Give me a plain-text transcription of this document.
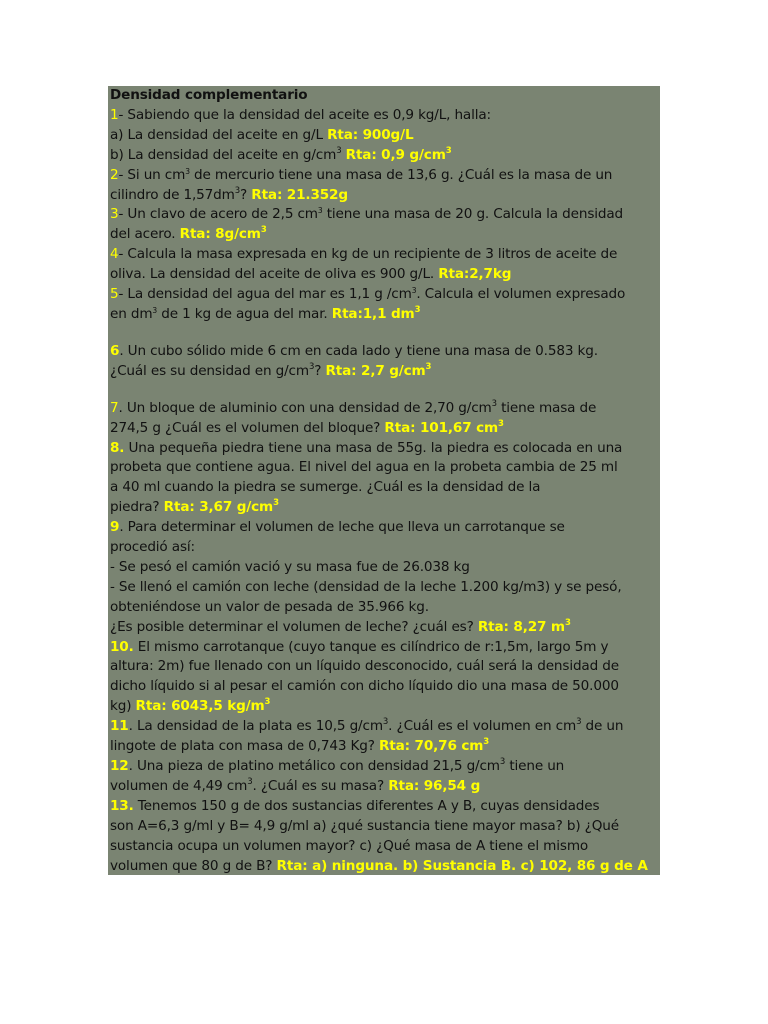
Densidad complementario
1- Sabiendo que la densidad del aceite es 0,9 kg/L, halla:
a) La densidad del aceite en g/L Rta: 900g/L
b) La densidad del aceite en $g/cm^3$ Rta: 0,9 $g/cm^3$
2- Si un $cm^3$ de mercurio tiene una masa de 13,6 g. ¿Cuál es la masa de un
cilindro de $1,57dm^3$? Rta: 21.352g
3- Un clavo de acero de 2,5 $cm^3$ tiene una masa de 20 g. Calcula la densidad
del acero. Rta: $8g/cm^3$
4- Calcula la masa expresada en kg de un recipiente de 3 litros de aceite de
oliva. La densidad del aceite de oliva es 900 g/L. Rta:2,7kg
5- La densidad del agua del mar es 1,1 g $/cm^3$. Calcula el volumen expresado
en $dm^3$ de 1 kg de agua del mar. Rta:1,1 $dm^3$
6. Un cubo sólido mide 6 cm en cada lado y tiene una masa de 0.583 kg.
¿Cuál es su densidad en $g/cm^3$? Rta: 2,7 $g/cm^3$
7. Un bloque de aluminio con una densidad de 2,70 $g/cm^3$ tiene masa de
274,5 g ¿Cuál es el volumen del bloque? Rta: 101,67 $cm^3$
8. Una pequeña piedra tiene una masa de 55g. la piedra es colocada en una
probeta que contiene agua. El nivel del agua en la probeta cambia de 25 ml
a 40 ml cuando la piedra se sumerge. ¿Cuál es la densidad de la
piedra? Rta: 3,67 $g/cm^3$
9. Para determinar el volumen de leche que lleva un carrotanque se
procedió así:
- Se pesó el camión vació y su masa fue de 26.038 kg
- Se llenó el camión con leche (densidad de la leche 1.200 kg/m3) y se pesó,
obteniéndose un valor de pesada de 35.966 kg.
¿Es posible determinar el volumen de leche? ¿cuál es? Rta: 8,27 $m^3$
10. El mismo carrotanque (cuyo tanque es cilíndrico de r:1,5m, largo 5m y
altura: 2m) fue llenado con un líquido desconocido, cuál será la densidad de
dicho líquido si al pesar el camión con dicho líquido dio una masa de 50.000
kg) Rta: 6043,5 $kg/m^3$
11. La densidad de la plata es 10,5 $g/cm^3$. ¿Cuál es el volumen en $cm^3$ de un
lingote de plata con masa de 0,743 Kg? Rta: 70,76 $cm^3$
12. Una pieza de platino metálico con densidad 21,5 $g/cm^3$ tiene un
volumen de 4,49 $cm^3$. ¿Cuál es su masa? Rta: 96,54 g
13. Tenemos 150 g de dos sustancias diferentes A y B, cuyas densidades
son A=6,3 g/ml y B= 4,9 g/ml a) ¿qué sustancia tiene mayor masa? b) ¿Qué
sustancia ocupa un volumen mayor? c) ¿Qué masa de A tiene el mismo
volumen que 80 g de B? Rta: a) ninguna. b) Sustancia B. c) 102, 86 g de A
